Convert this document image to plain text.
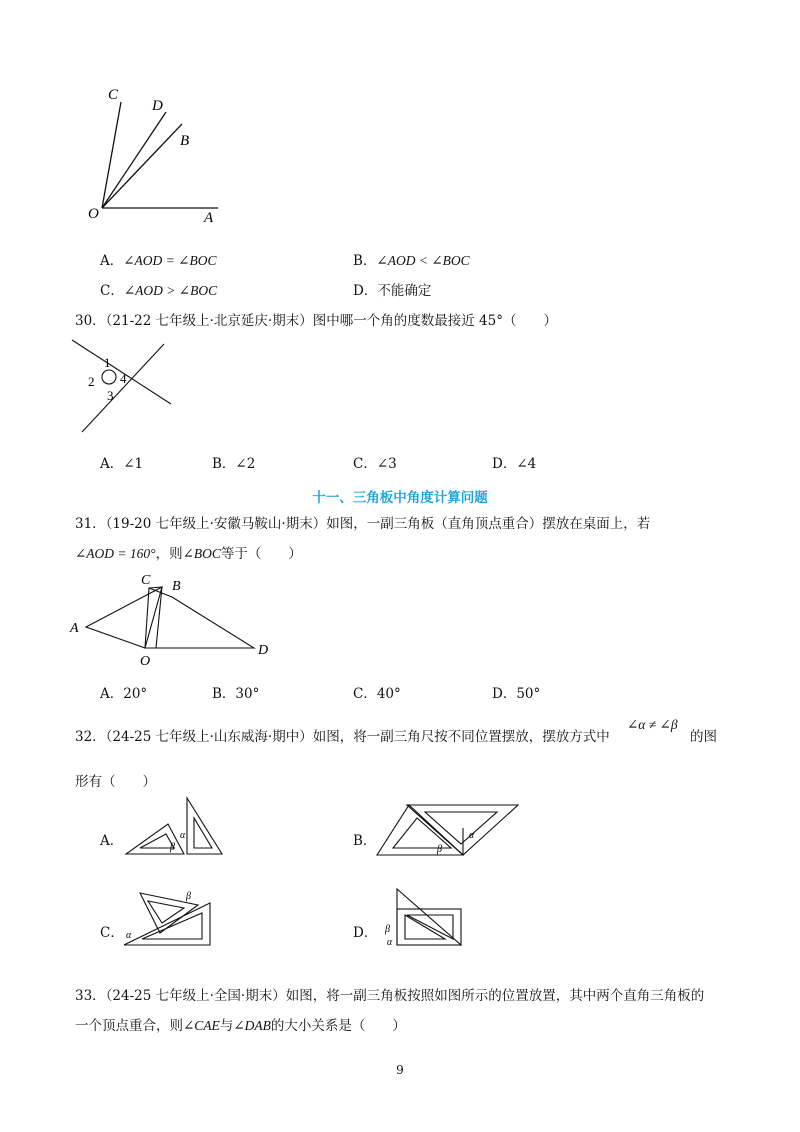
C
D
B
O	A
A．∠AOD = ∠BOC	B．∠AOD < ∠BOC
C．∠AOD > ∠BOC	D．不能确定
30．（21-22 七年级上·北京延庆·期末）图中哪一个角的度数最接近 45°（　　）
1
2
3
4
A．∠1	B．∠2	C．∠3	D．∠4
十一、三角板中角度计算问题
31．（19-20 七年级上·安徽马鞍山·期末）如图，一副三角板（直角顶点重合）摆放在桌面上，若
∠AOD = 160°，则∠BOC等于（　　）
A
C B
O
D
A．20°	B．30°	C．40°	D．50°
32．（24-25 七年级上·山东威海·期中）如图，将一副三角尺按不同位置摆放，摆放方式中
∠α ≠ ∠β
的图
形有（　　）
A．	α
β	B．	α
β
C． α
β
D． β
α
33．（24-25 七年级上·全国·期末）如图，将一副三角板按照如图所示的位置放置，其中两个直角三角板的
一个顶点重合，则∠CAE与∠DAB的大小关系是（　　）
9
